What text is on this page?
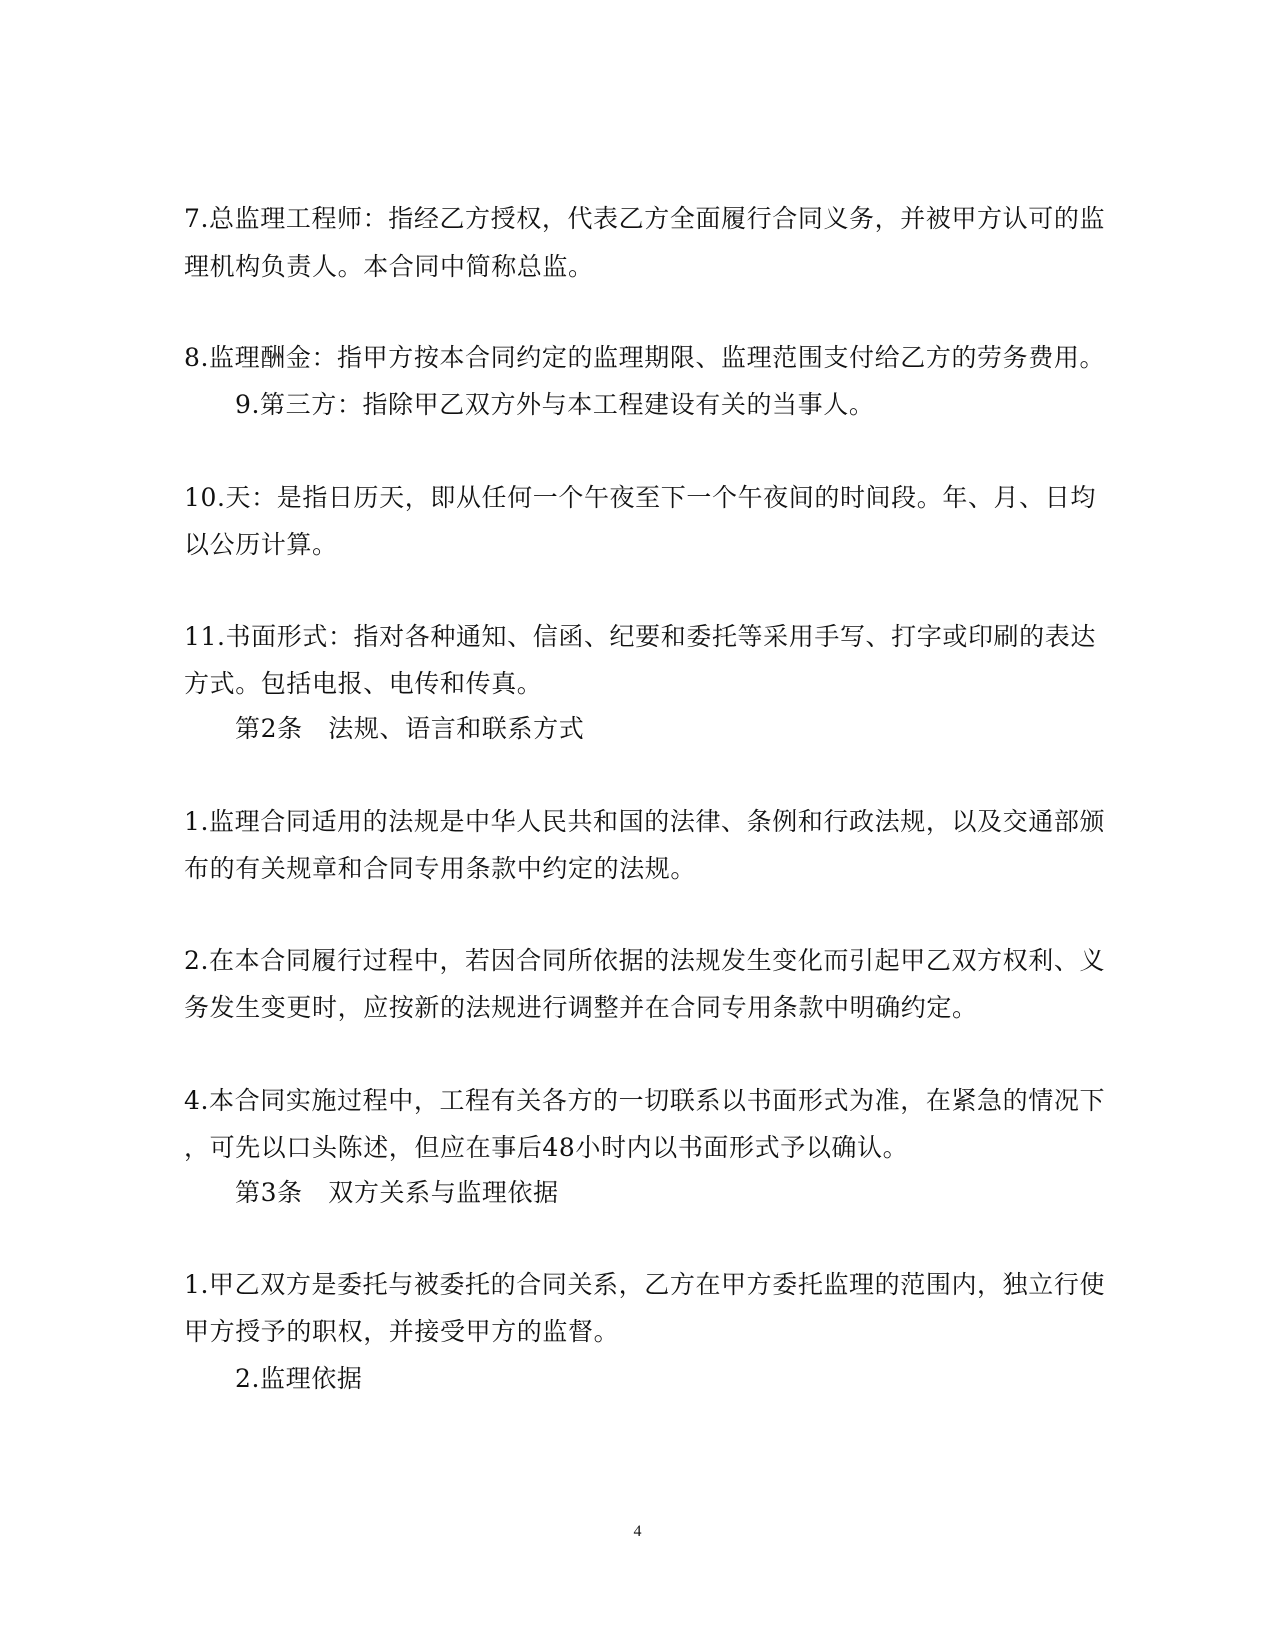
7.总监理工程师：指经乙方授权，代表乙方全面履行合同义务，并被甲方认可的监
理机构负责人。本合同中简称总监。
8.监理酬金：指甲方按本合同约定的监理期限、监理范围支付给乙方的劳务费用。
9.第三方：指除甲乙双方外与本工程建设有关的当事人。
10.天：是指日历天，即从任何一个午夜至下一个午夜间的时间段。年、月、日均
以公历计算。
11.书面形式：指对各种通知、信函、纪要和委托等采用手写、打字或印刷的表达
方式。包括电报、电传和传真。
第2条　法规、语言和联系方式
1.监理合同适用的法规是中华人民共和国的法律、条例和行政法规，以及交通部颁
布的有关规章和合同专用条款中约定的法规。
2.在本合同履行过程中，若因合同所依据的法规发生变化而引起甲乙双方权利、义
务发生变更时，应按新的法规进行调整并在合同专用条款中明确约定。
4.本合同实施过程中，工程有关各方的一切联系以书面形式为准，在紧急的情况下
，可先以口头陈述，但应在事后48小时内以书面形式予以确认。
第3条　双方关系与监理依据
1.甲乙双方是委托与被委托的合同关系，乙方在甲方委托监理的范围内，独立行使
甲方授予的职权，并接受甲方的监督。
2.监理依据
4
